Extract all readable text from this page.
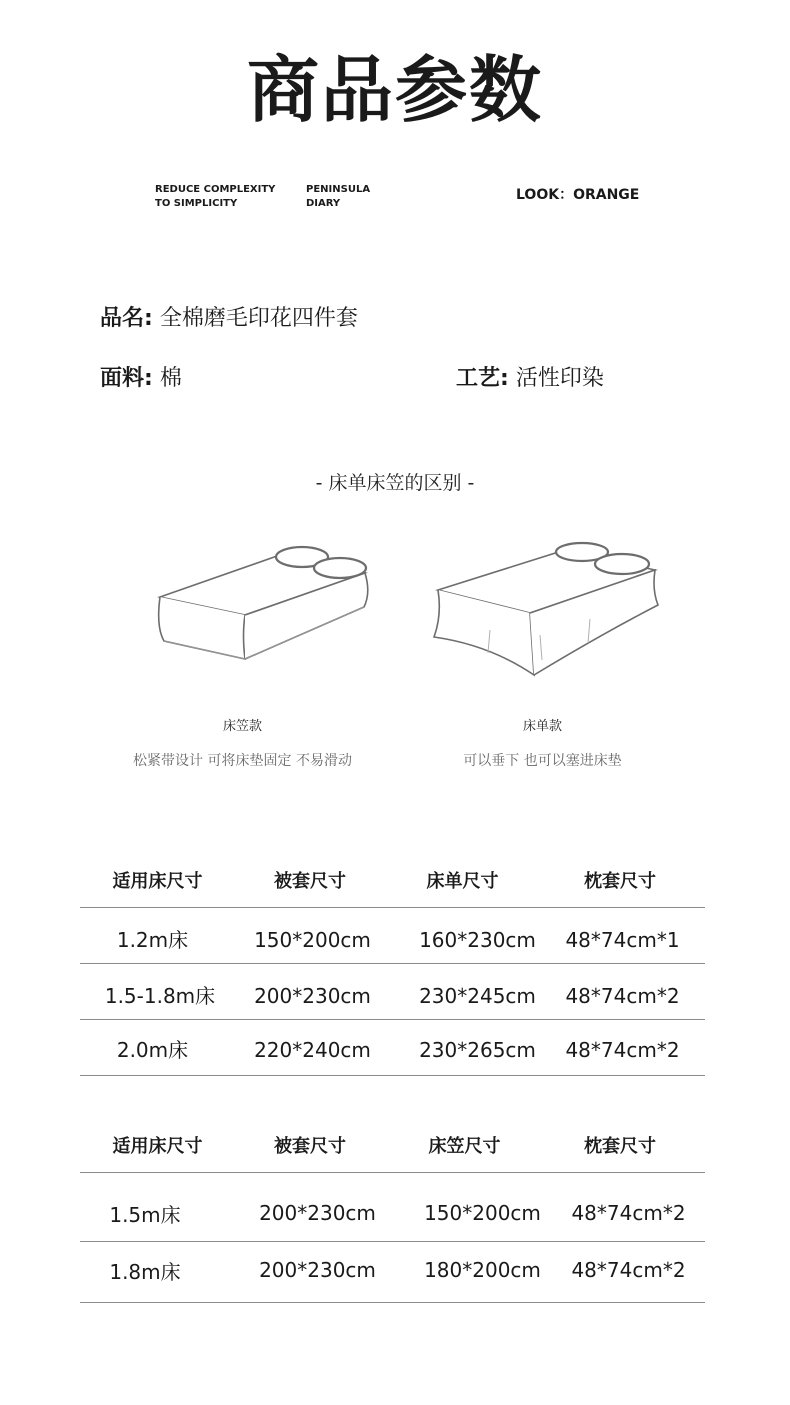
商品参数
REDUCE COMPLEXITY
TO SIMPLICITY
PENINSULA
DIARY
LOOK：ORANGE
品名: 全棉磨毛印花四件套
面料: 棉	工艺: 活性印染
- 床单床笠的区别 -
床笠款
松紧带设计 可将床垫固定 不易滑动
床单款
可以垂下 也可以塞进床垫
适用床尺寸	被套尺寸	床单尺寸	枕套尺寸
1.2m床	150*200cm	160*230cm	48*74cm*1
1.5-1.8m床	200*230cm	230*245cm	48*74cm*2
2.0m床	220*240cm	230*265cm	48*74cm*2
适用床尺寸	被套尺寸	床笠尺寸	枕套尺寸
1.5m床	200*230cm	150*200cm	48*74cm*2
1.8m床	200*230cm	180*200cm	48*74cm*2
